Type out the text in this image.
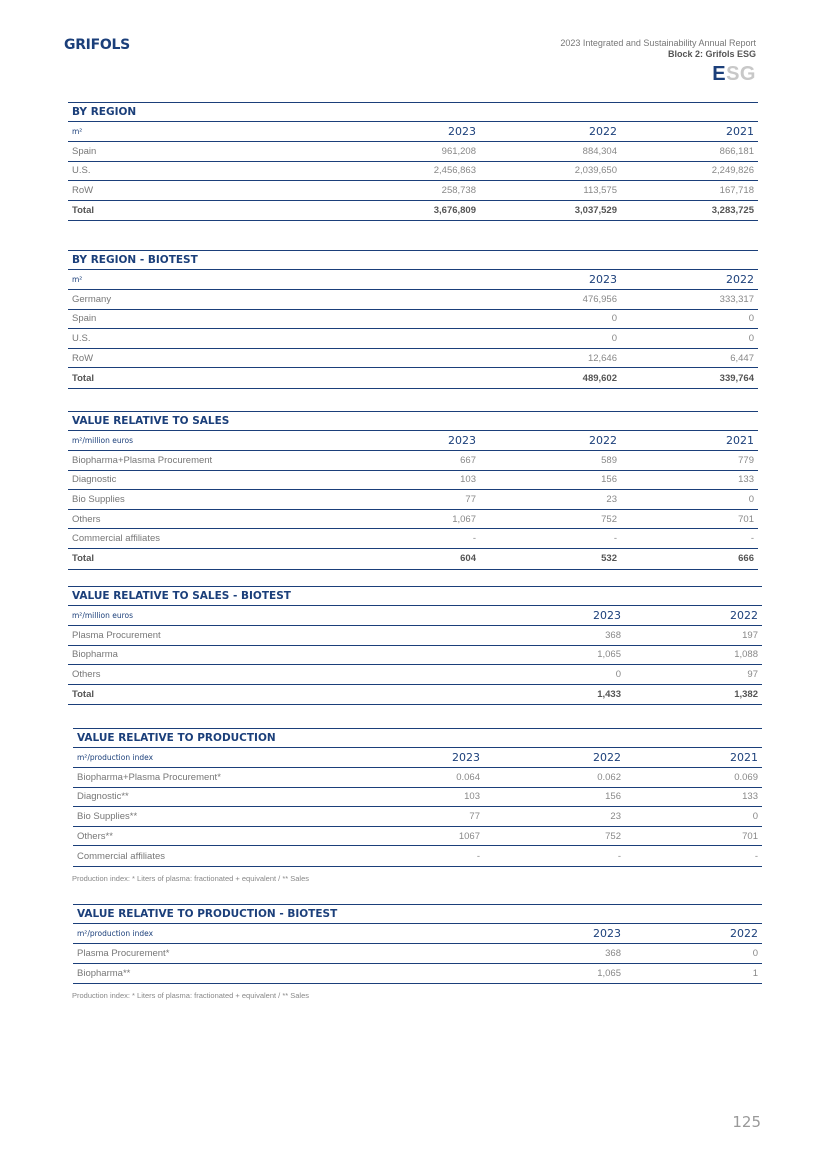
GRIFOLS	2023 Integrated and Sustainability Annual Report
Block 2: Grifols ESG
ESG
BY REGION
m²	2023	2022	2021
Spain	961,208	884,304	866,181
U.S.	2,456,863	2,039,650	2,249,826
RoW	258,738	113,575	167,718
Total	3,676,809	3,037,529	3,283,725
BY REGION - BIOTEST
m²	2023	2022
Germany	476,956	333,317
Spain	0	0
U.S.	0	0
RoW	12,646	6,447
Total	489,602	339,764
VALUE RELATIVE TO SALES
m²/million euros	2023	2022	2021
Biopharma+Plasma Procurement	667	589	779
Diagnostic	103	156	133
Bio Supplies	77	23	0
Others	1,067	752	701
Commercial affiliates	-	-	-
Total	604	532	666
VALUE RELATIVE TO SALES - BIOTEST
m²/million euros	2023	2022
Plasma Procurement	368	197
Biopharma	1,065	1,088
Others	0	97
Total	1,433	1,382
VALUE RELATIVE TO PRODUCTION
m²/production index	2023	2022	2021
Biopharma+Plasma Procurement*	0.064	0.062	0.069
Diagnostic**	103	156	133
Bio Supplies**	77	23	0
Others**	1067	752	701
Commercial affiliates	-	-	-
Production index: * Liters of plasma: fractionated + equivalent / ** Sales
VALUE RELATIVE TO PRODUCTION - BIOTEST
m²/production index	2023	2022
Plasma Procurement*	368	0
Biopharma**	1,065	1
Production index: * Liters of plasma: fractionated + equivalent / ** Sales
125
